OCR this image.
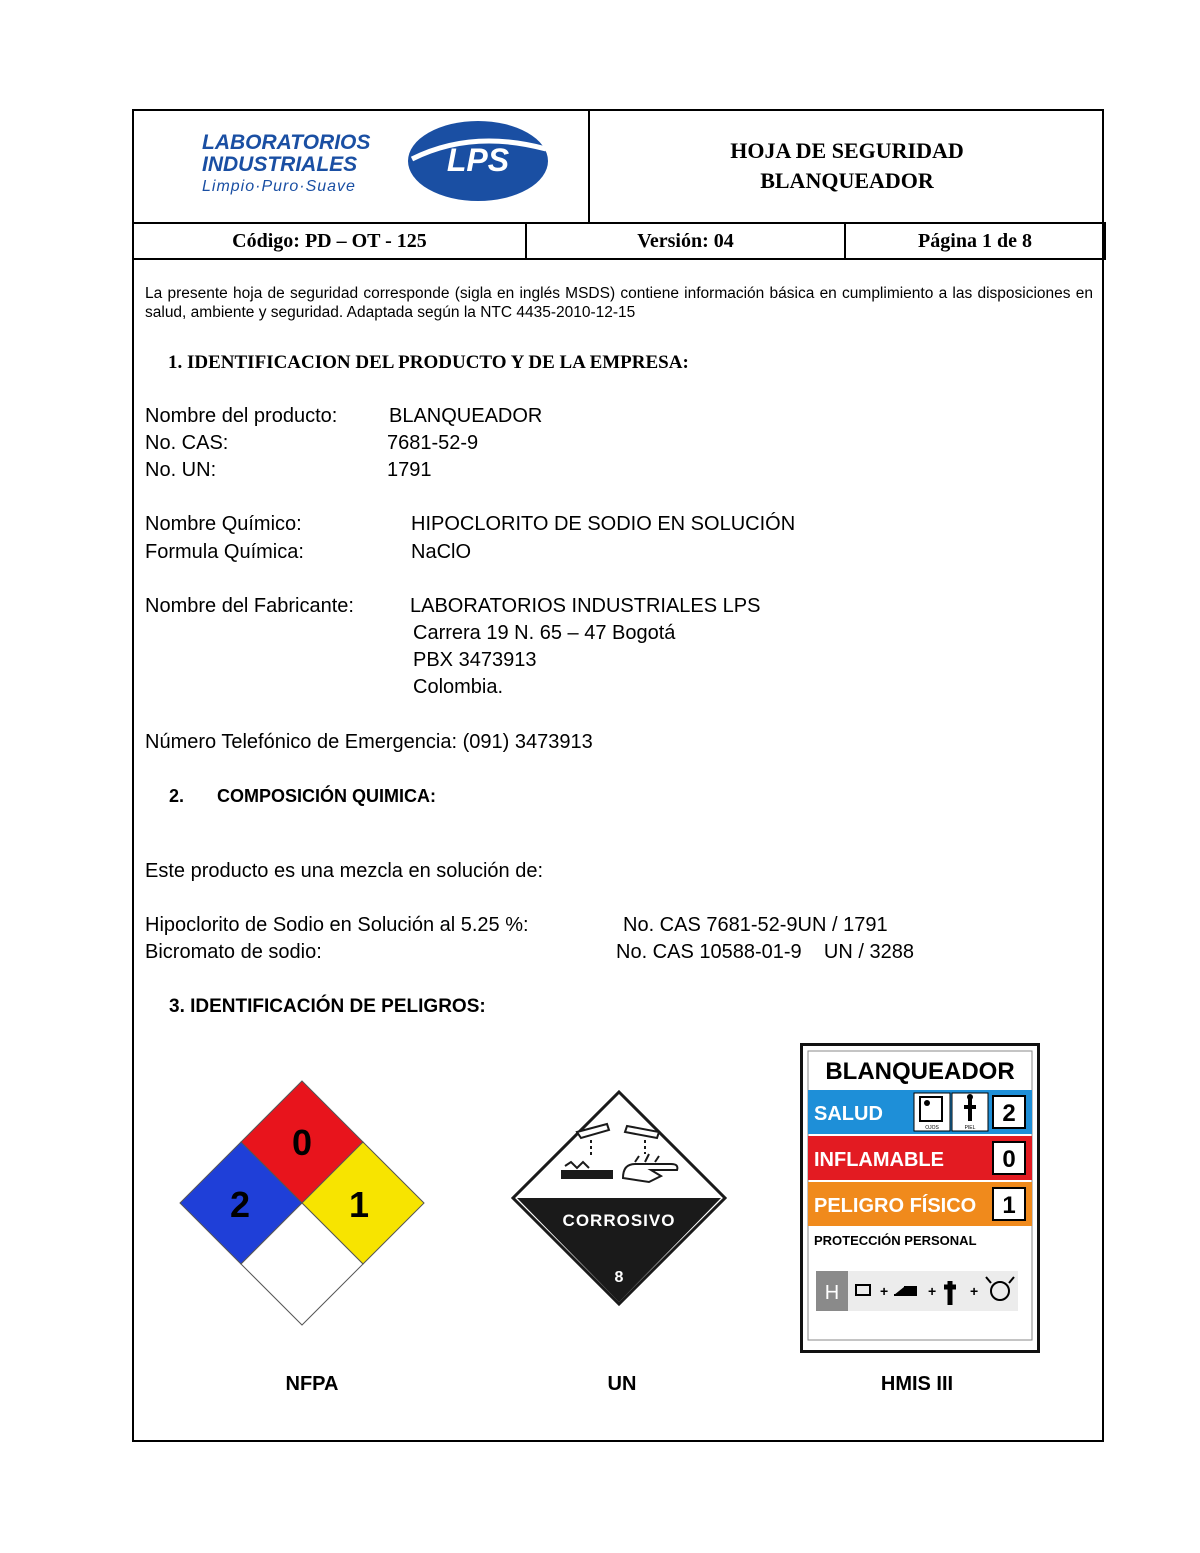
LABORATORIOS
INDUSTRIALES
Limpio·Puro·Suave
LPS	HOJA DE SEGURIDAD
BLANQUEADOR
Código: PD – OT - 125	Versión: 04	Página 1 de 8
La presente hoja de seguridad corresponde (sigla en inglés MSDS) contiene información básica en cumplimiento a las disposiciones en salud, ambiente y seguridad. Adaptada según la NTC 4435-2010-12-15
1. IDENTIFICACION DEL PRODUCTO Y DE LA EMPRESA:
Nombre del producto:	BLANQUEADOR
No. CAS:	7681-52-9
No. UN:	1791
Nombre Químico:	HIPOCLORITO DE SODIO EN SOLUCIÓN
Formula Química:	NaClO
Nombre del Fabricante:	LABORATORIOS INDUSTRIALES LPS
Carrera 19 N. 65 – 47 Bogotá
PBX 3473913
Colombia.
Número Telefónico de Emergencia: (091) 3473913
2. COMPOSICIÓN QUIMICA:
Este producto es una mezcla en solución de:
Hipoclorito de Sodio en Solución al 5.25 %:	No. CAS 7681-52-9UN / 1791
Bicromato de sodio:	No. CAS 10588-01-9    UN / 3288
3. IDENTIFICACIÓN DE PELIGROS:
0
2	1	CORROSIVO
8
BLANQUEADOR
SALUD
OJOS	PIEL
2
INFLAMABLE 0
PELIGRO FÍSICO 1
PROTECCIÓN PERSONAL
H	+	+ +
NFPA	UN	HMIS III
